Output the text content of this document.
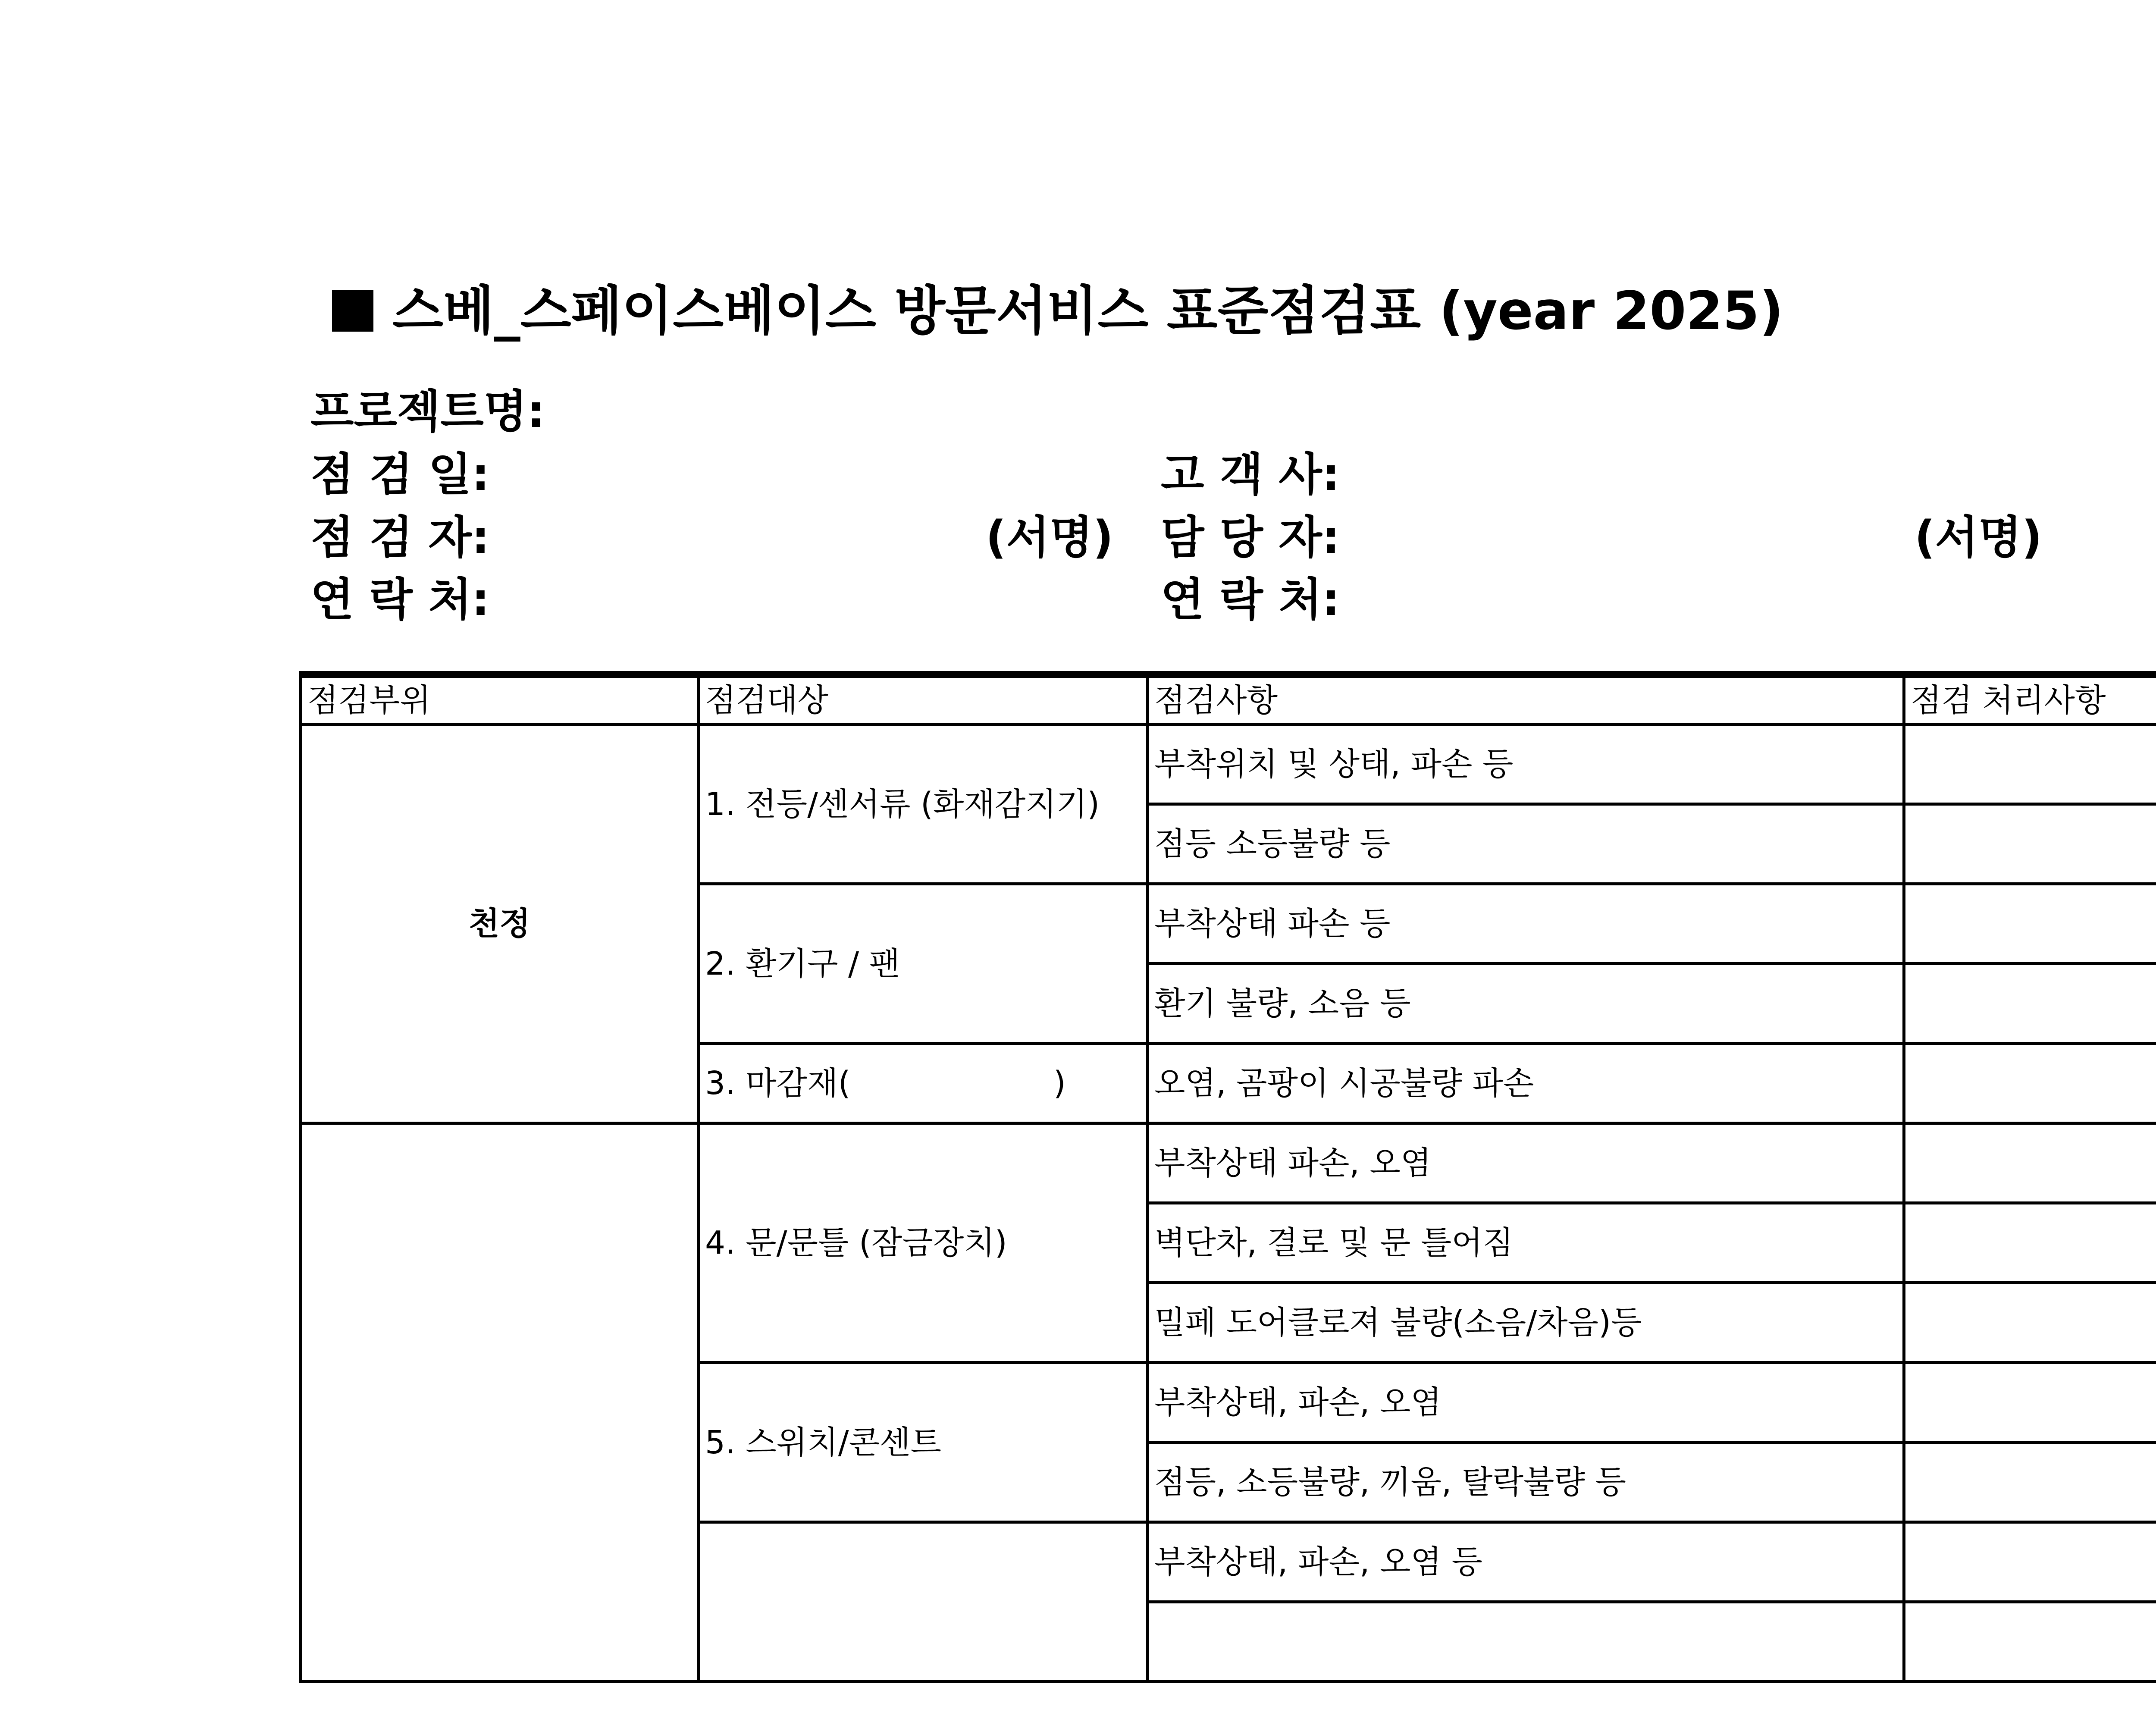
스베_스페이스베이스 방문서비스 표준점검표 (year 2025)
프로젝트명:
점 검 일:	고 객 사:
점 검 자:	(서명) 담 당 자:	(서명)
연 락 처:	연 락 처:
점검부위	점검대상	점검사항	점검 처리사항
천정	1. 전등/센서류 (화재감지기)	부착위치 및 상태, 파손 등	
		점등 소등불량 등	
	2. 환기구 / 팬	부착상태 파손 등	
		환기 불량, 소음 등	
	3. 마감재(                    )	오염, 곰팡이 시공불량 파손	
	4. 문/문틀 (잠금장치)	부착상태 파손, 오염	
		벽단차, 결로 및 문 틀어짐	
		밀페 도어클로져 불량(소음/차음)등	
	5. 스위치/콘센트	부착상태, 파손, 오염	
		점등, 소등불량, 끼움, 탈락불량 등	
		부착상태, 파손, 오염 등	
